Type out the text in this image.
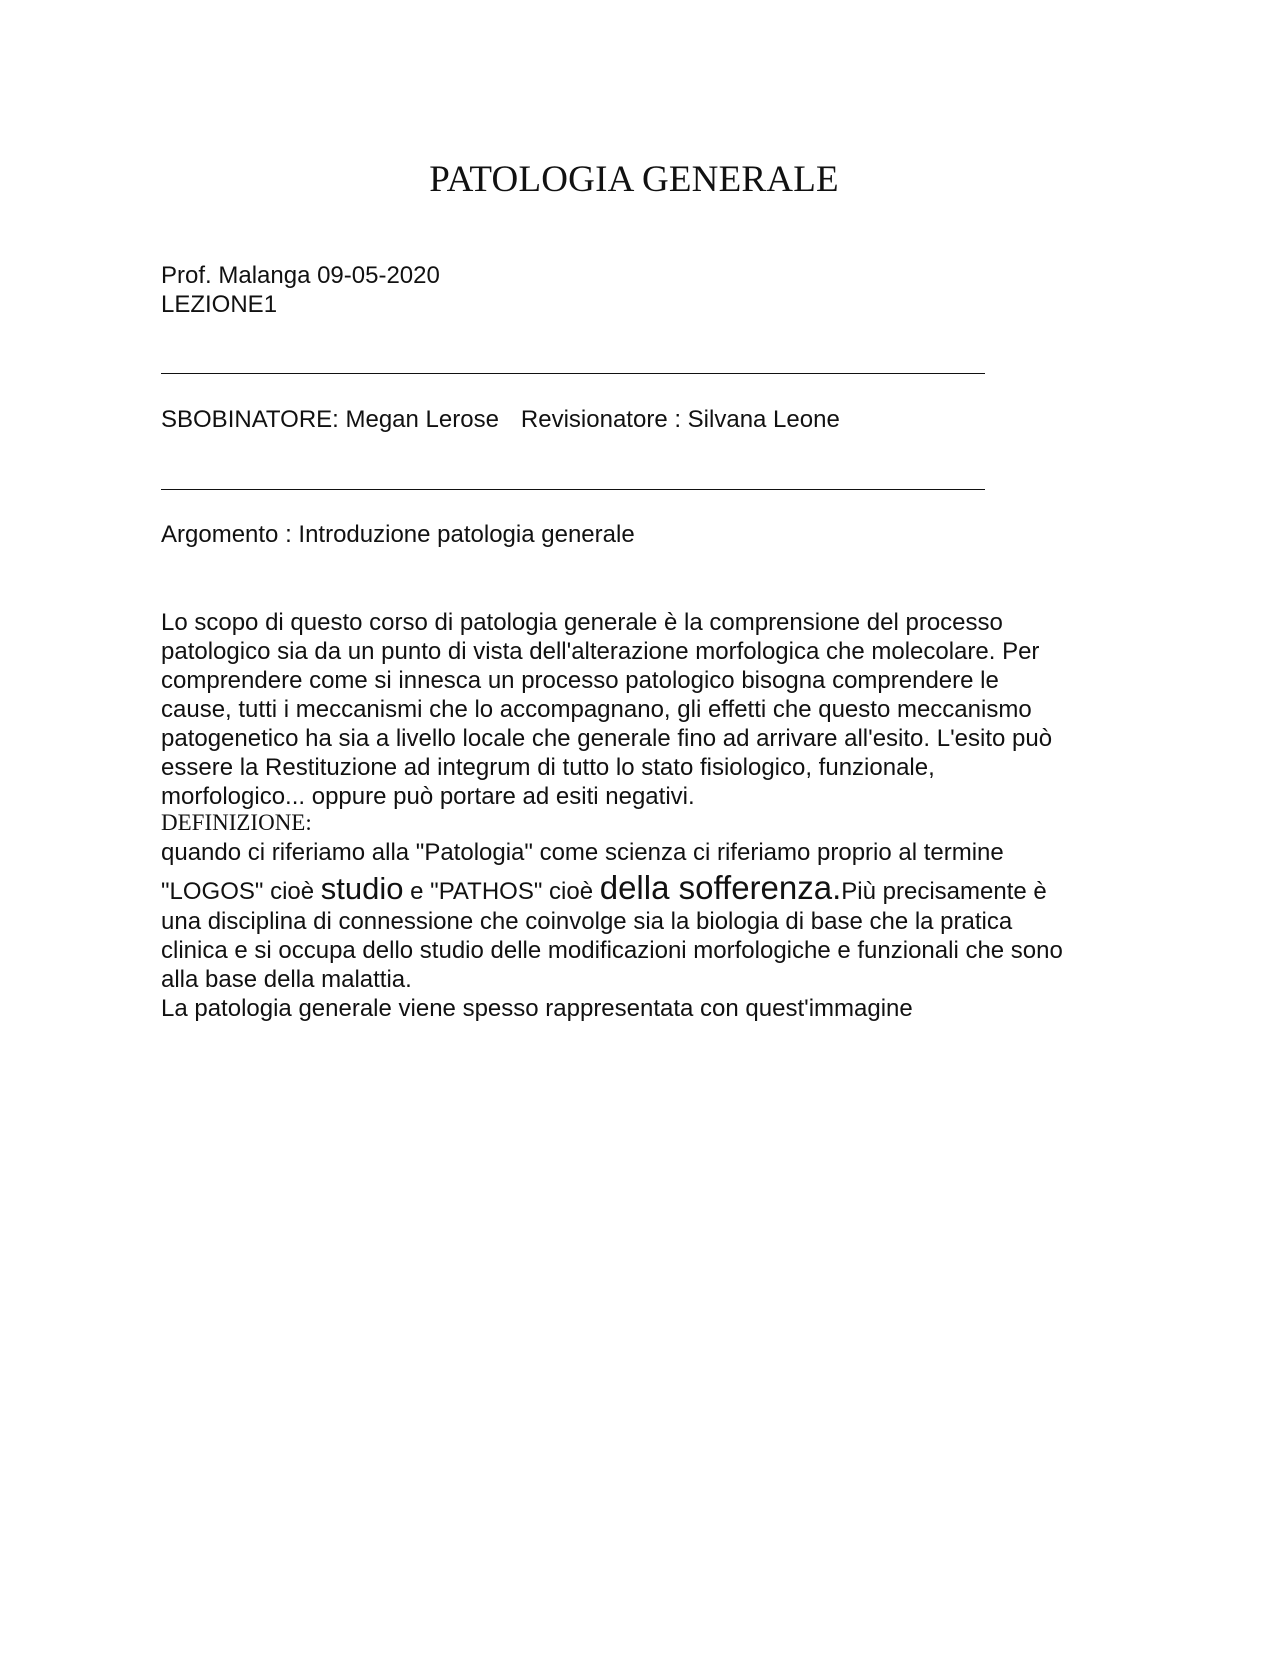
PATOLOGIA GENERALE
Prof. Malanga 09-05-2020
LEZIONE1
SBOBINATORE: Megan Lerose Revisionatore : Silvana Leone
Argomento : Introduzione patologia generale
Lo scopo di questo corso di patologia generale è la comprensione del processo
patologico sia da un punto di vista dell'alterazione morfologica che molecolare. Per
comprendere come si innesca un processo patologico bisogna comprendere le
cause, tutti i meccanismi che lo accompagnano, gli effetti che questo meccanismo
patogenetico ha sia a livello locale che generale fino ad arrivare all'esito. L'esito può
essere la Restituzione ad integrum di tutto lo stato fisiologico, funzionale,
morfologico... oppure può portare ad esiti negativi.
DEFINIZIONE:
quando ci riferiamo alla "Patologia" come scienza ci riferiamo proprio al termine
"LOGOS" cioè studio e "PATHOS" cioè della sofferenza.Più precisamente è
una disciplina di connessione che coinvolge sia la biologia di base che la pratica
clinica e si occupa dello studio delle modificazioni morfologiche e funzionali che sono
alla base della malattia.
La patologia generale viene spesso rappresentata con quest'immagine
